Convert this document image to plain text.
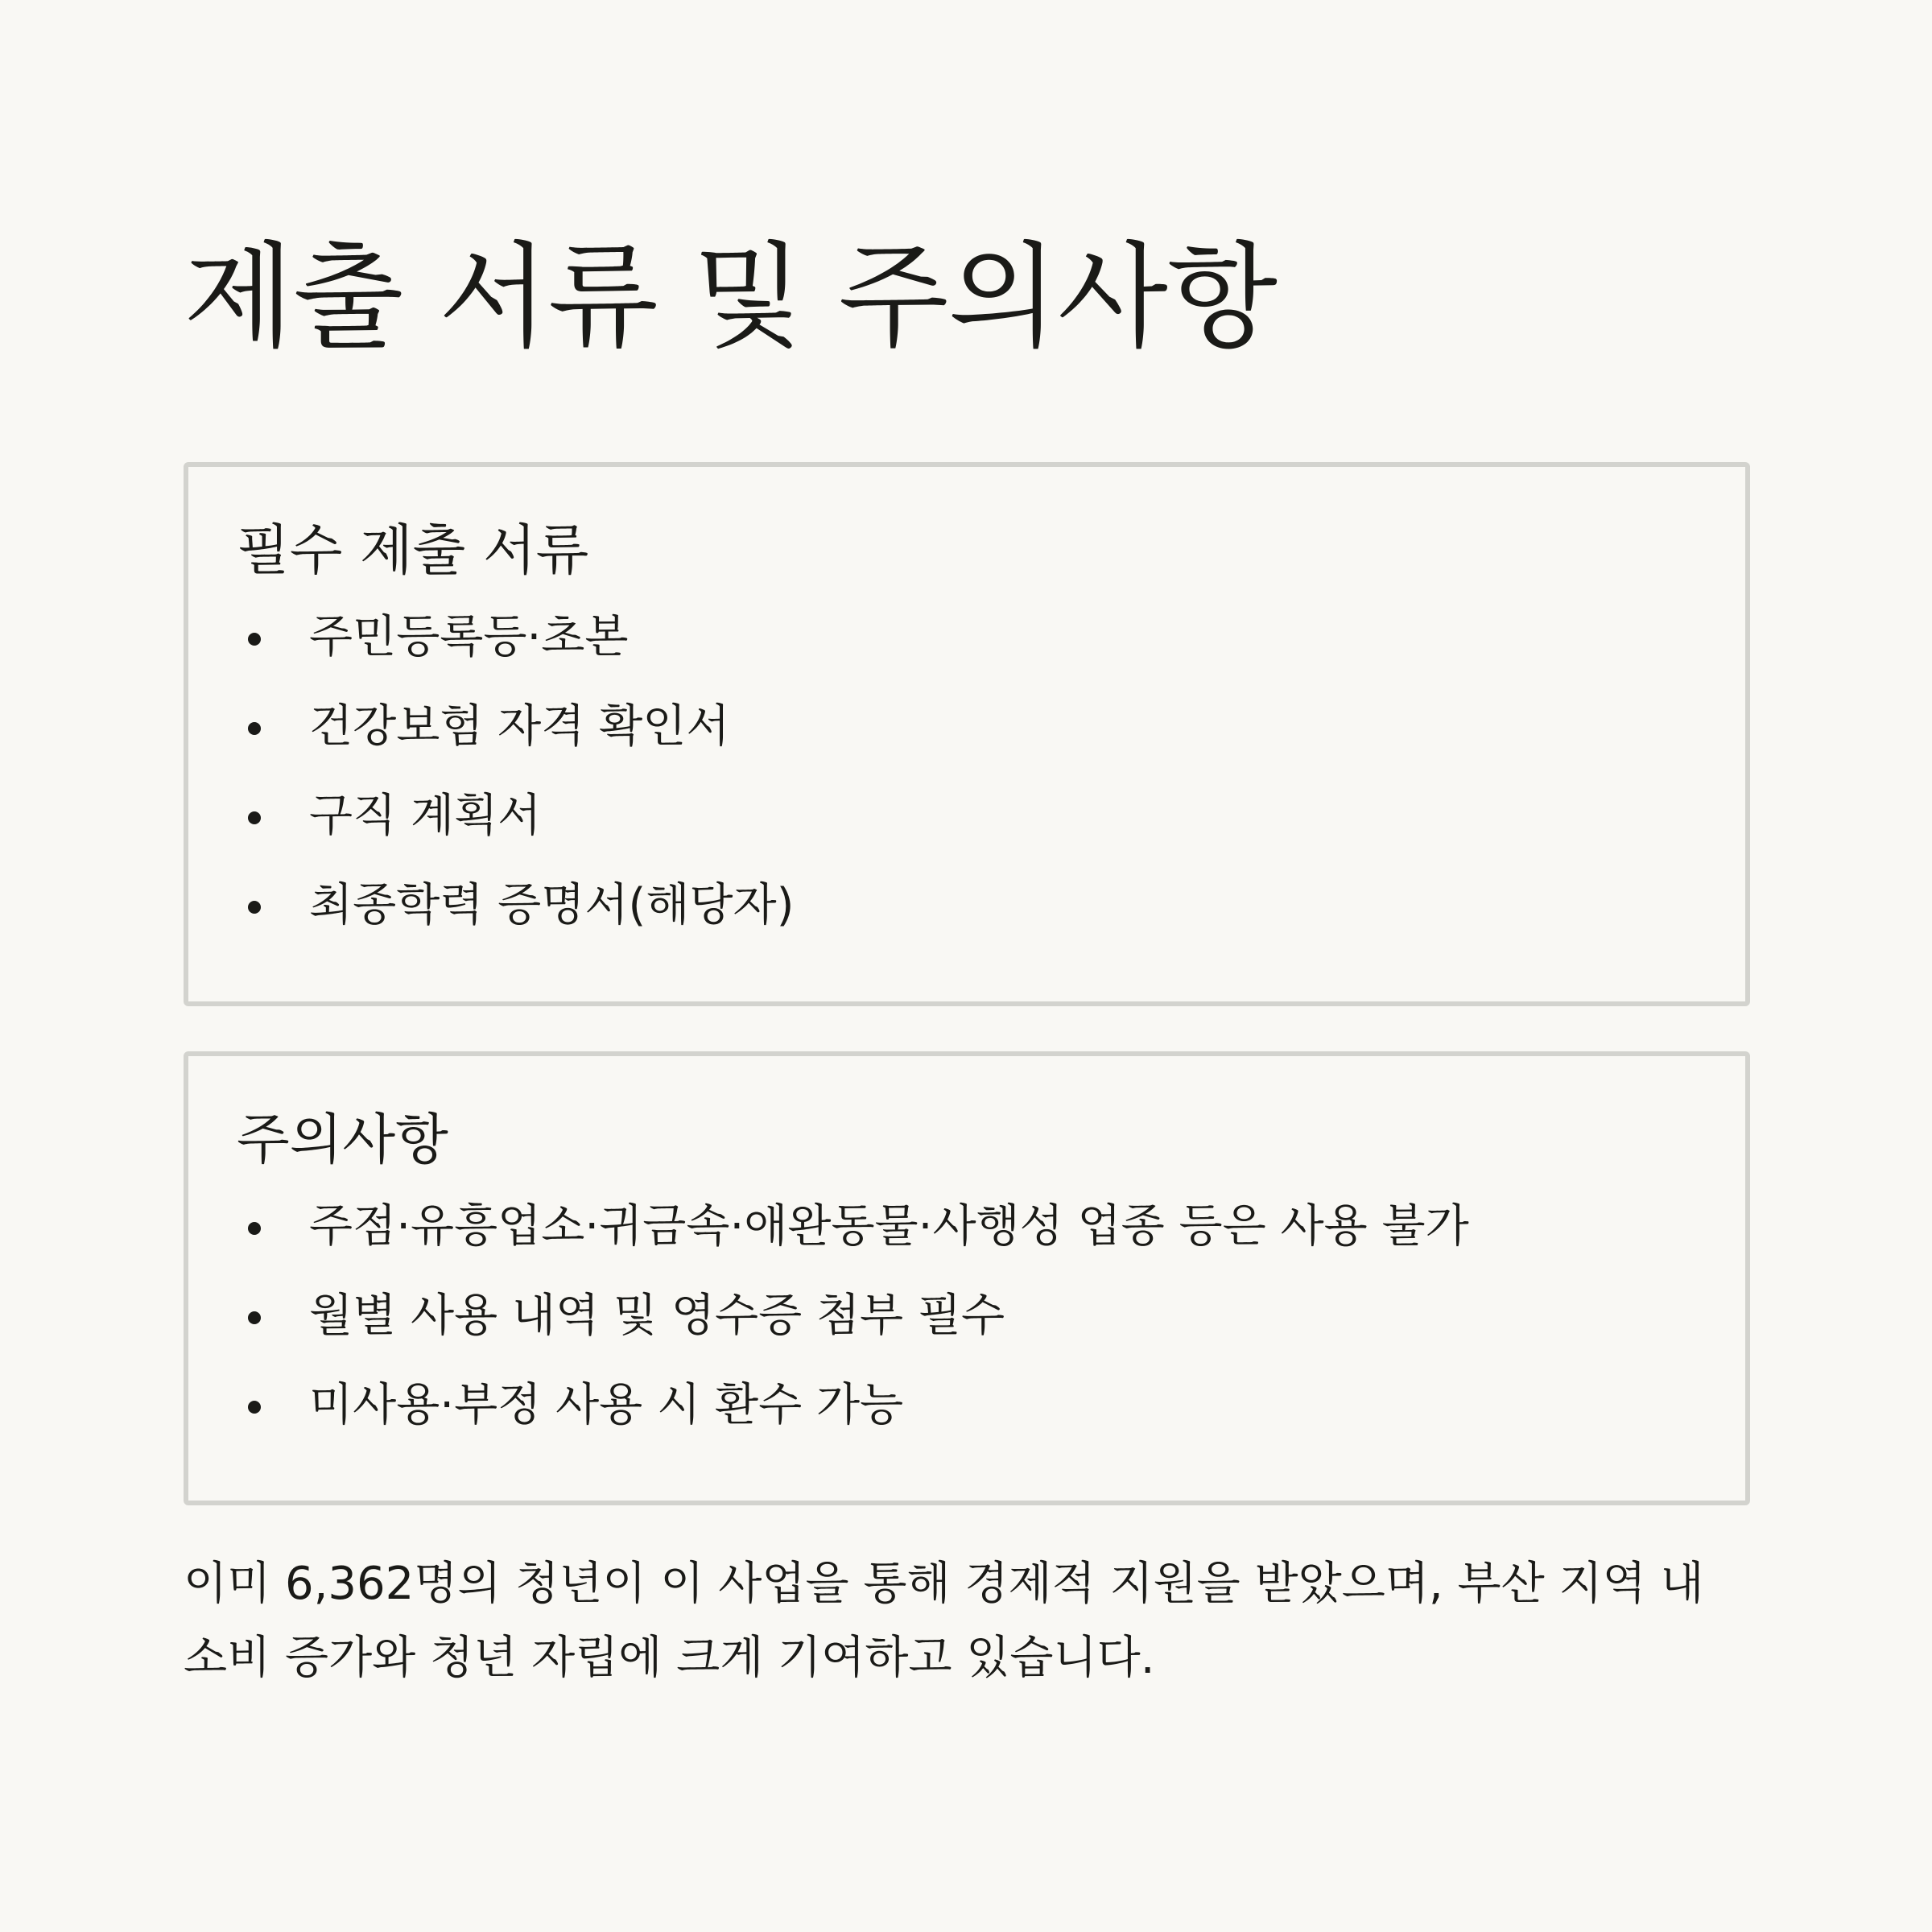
제출 서류 및 주의사항
필수 제출 서류
주민등록등·초본
건강보험 자격 확인서
구직 계획서
최종학력 증명서(해당자)
주의사항
주점·유흥업소·귀금속·애완동물·사행성 업종 등은 사용 불가
월별 사용 내역 및 영수증 첨부 필수
미사용·부정 사용 시 환수 가능

이미 6,362명의 청년이 이 사업을 통해 경제적 지원을 받았으며, 부산 지역 내 소비 증가와 청년 자립에 크게 기여하고 있습니다.
